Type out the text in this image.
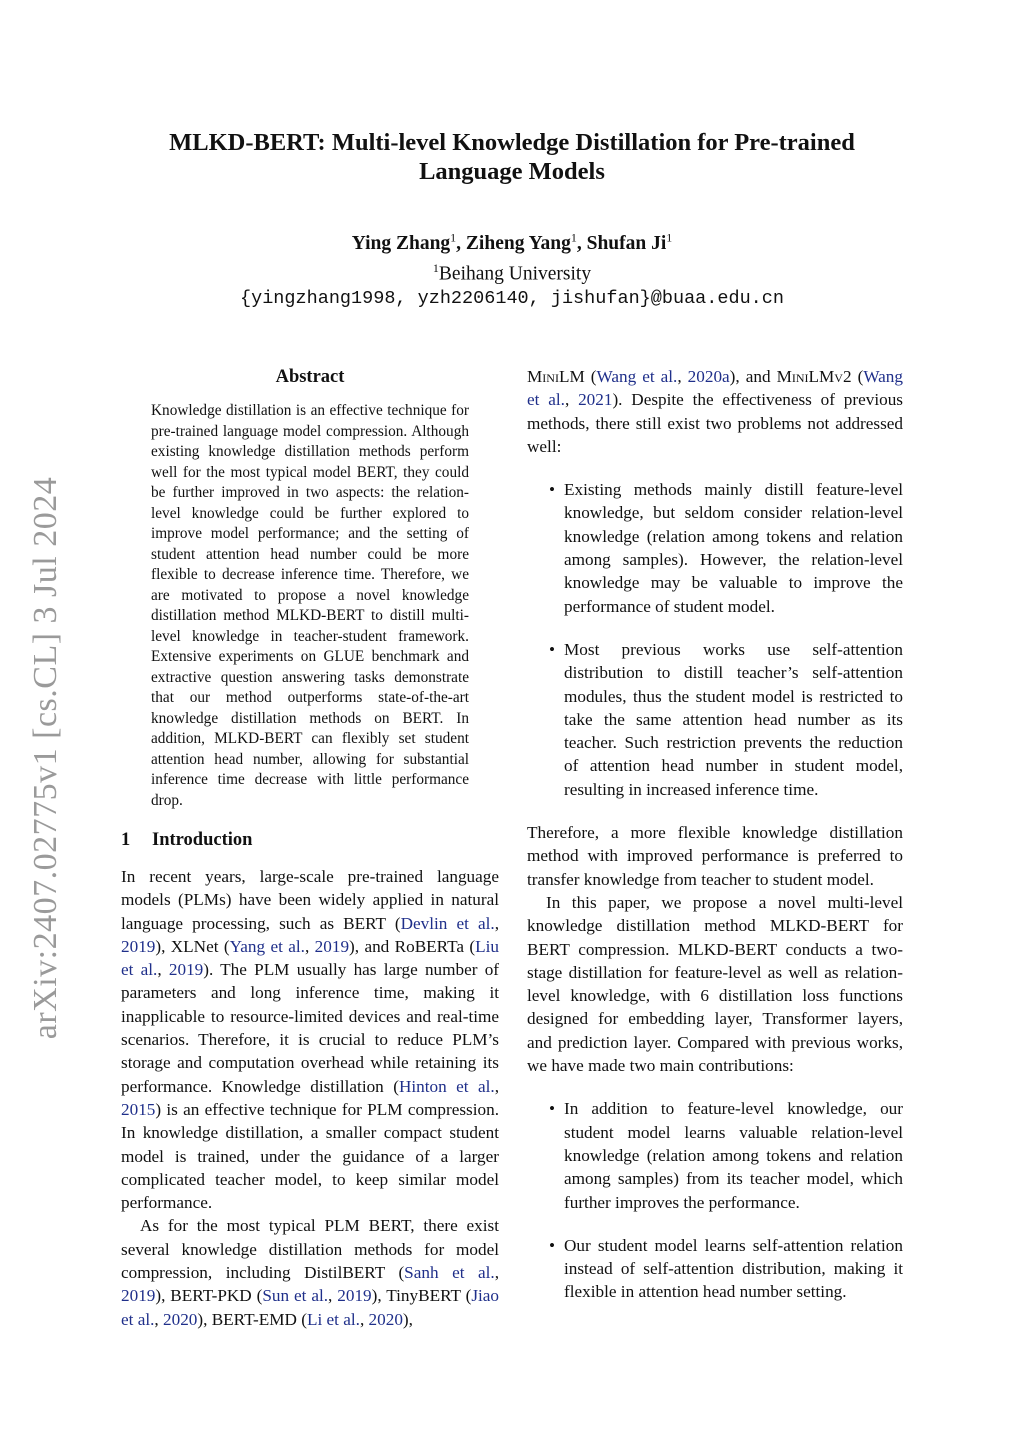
arXiv:2407.02775v1 [cs.CL] 3 Jul 2024
MLKD-BERT: Multi-level Knowledge Distillation for Pre-trained
Language Models
Ying Zhang$^1$, Ziheng Yang$^1$, Shufan Ji$^1$
$^1$Beihang University
{yingzhang1998, yzh2206140, jishufan}@buaa.edu.cn
Abstract

Knowledge distillation is an effective technique for pre-trained language model compression. Although existing knowledge distillation methods perform well for the most typical model BERT, they could be further improved in two aspects: the relation-level knowledge could be further explored to improve model performance; and the setting of student attention head number could be more flexible to decrease inference time. Therefore, we are motivated to propose a novel knowledge distillation method MLKD-BERT to distill multi-level knowledge in teacher-student framework. Extensive experiments on GLUE benchmark and extractive question answering tasks demonstrate that our method outperforms state-of-the-art knowledge distillation methods on BERT. In addition, MLKD-BERT can flexibly set student attention head number, allowing for substantial inference time decrease with little performance drop.

1 Introduction

In recent years, large-scale pre-trained language models (PLMs) have been widely applied in natural language processing, such as BERT (Devlin et al., 2019), XLNet (Yang et al., 2019), and RoBERTa (Liu et al., 2019). The PLM usually has large number of parameters and long inference time, making it inapplicable to resource-limited devices and real-time scenarios. Therefore, it is crucial to reduce PLM’s storage and computation overhead while retaining its performance. Knowledge distillation (Hinton et al., 2015) is an effective technique for PLM compression. In knowledge distillation, a smaller compact student model is trained, under the guidance of a larger complicated teacher model, to keep similar model performance.

As for the most typical PLM BERT, there exist several knowledge distillation methods for model compression, including DistilBERT (Sanh et al., 2019), BERT-PKD (Sun et al., 2019), TinyBERT (Jiao et al., 2020), BERT-EMD (Li et al., 2020),

MiniLM (Wang et al., 2020a), and MiniLMv2 (Wang et al., 2021). Despite the effectiveness of previous methods, there still exist two problems not addressed well:

• Existing methods mainly distill feature-level knowledge, but seldom consider relation-level knowledge (relation among tokens and relation among samples). However, the relation-level knowledge may be valuable to improve the performance of student model.
• Most previous works use self-attention distribution to distill teacher’s self-attention modules, thus the student model is restricted to take the same attention head number as its teacher. Such restriction prevents the reduction of attention head number in student model, resulting in increased inference time.

Therefore, a more flexible knowledge distillation method with improved performance is preferred to transfer knowledge from teacher to student model.

In this paper, we propose a novel multi-level knowledge distillation method MLKD-BERT for BERT compression. MLKD-BERT conducts a two-stage distillation for feature-level as well as relation-level knowledge, with 6 distillation loss functions designed for embedding layer, Transformer layers, and prediction layer. Compared with previous works, we have made two main contributions:

• In addition to feature-level knowledge, our student model learns valuable relation-level knowledge (relation among tokens and relation among samples) from its teacher model, which further improves the performance.
• Our student model learns self-attention relation instead of self-attention distribution, making it flexible in attention head number setting.
